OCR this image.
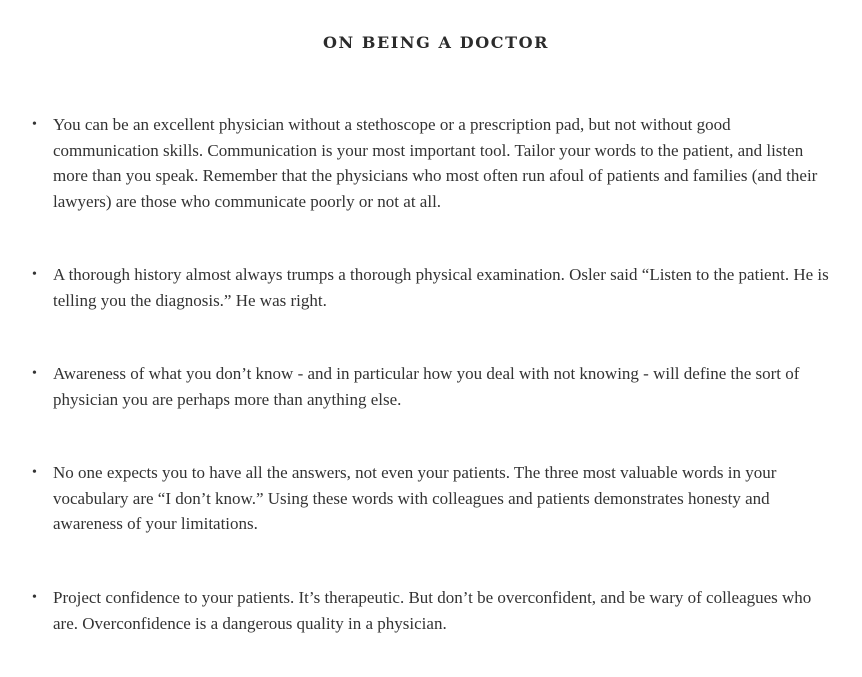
ON BEING A DOCTOR
• You can be an excellent physician without a stethoscope or a prescription pad, but not without good communication skills. Communication is your most important tool. Tailor your words to the patient, and listen more than you speak. Remember that the physicians who most often run afoul of patients and families (and their lawyers) are those who communicate poorly or not at all.
• A thorough history almost always trumps a thorough physical examination. Osler said “Listen to the patient. He is telling you the diagnosis.” He was right.
• Awareness of what you don’t know - and in particular how you deal with not knowing - will define the sort of physician you are perhaps more than anything else.
• No one expects you to have all the answers, not even your patients. The three most valuable words in your vocabulary are “I don’t know.” Using these words with colleagues and patients demonstrates honesty and awareness of your limitations.
• Project confidence to your patients. It’s therapeutic. But don’t be overconfident, and be wary of colleagues who are. Overconfidence is a dangerous quality in a physician.
